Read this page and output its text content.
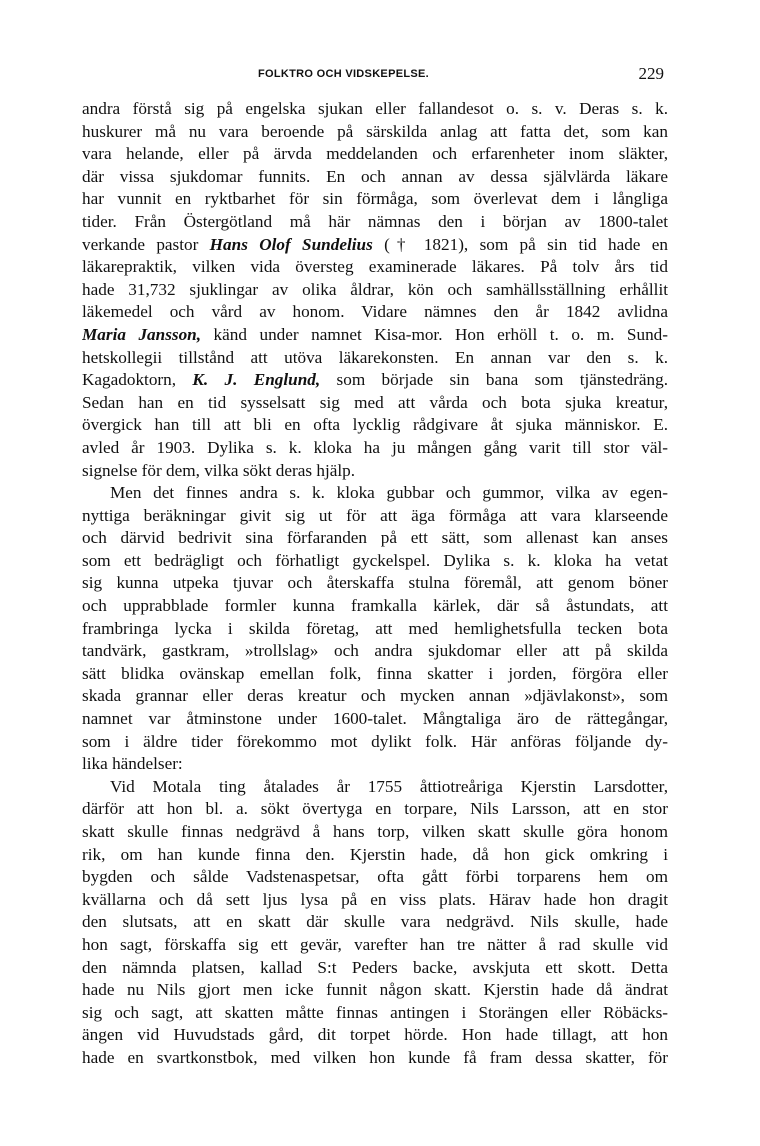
FOLKTRO OCH VIDSKEPELSE.	229
andra förstå sig på engelska sjukan eller fallandesot o. s. v. Deras s. k.
huskurer må nu vara beroende på särskilda anlag att fatta det, som kan
vara helande, eller på ärvda meddelanden och erfarenheter inom släkter,
där vissa sjukdomar funnits. En och annan av dessa självlärda läkare
har vunnit en ryktbarhet för sin förmåga, som överlevat dem i långliga
tider. Från Östergötland må här nämnas den i början av 1800-talet
verkande pastor Hans Olof Sundelius († 1821), som på sin tid hade en
läkarepraktik, vilken vida översteg examinerade läkares. På tolv års tid
hade 31,732 sjuklingar av olika åldrar, kön och samhällsställning erhållit
läkemedel och vård av honom. Vidare nämnes den år 1842 avlidna
Maria Jansson, känd under namnet Kisa-mor. Hon erhöll t. o. m. Sund-
hetskollegii tillstånd att utöva läkarekonsten. En annan var den s. k.
Kagadoktorn, K. J. Englund, som började sin bana som tjänstedräng.
Sedan han en tid sysselsatt sig med att vårda och bota sjuka kreatur,
övergick han till att bli en ofta lycklig rådgivare åt sjuka människor. E.
avled år 1903. Dylika s. k. kloka ha ju mången gång varit till stor väl-
signelse för dem, vilka sökt deras hjälp.
Men det finnes andra s. k. kloka gubbar och gummor, vilka av egen-
nyttiga beräkningar givit sig ut för att äga förmåga att vara klarseende
och därvid bedrivit sina förfaranden på ett sätt, som allenast kan anses
som ett bedrägligt och förhatligt gyckelspel. Dylika s. k. kloka ha vetat
sig kunna utpeka tjuvar och återskaffa stulna föremål, att genom böner
och upprabblade formler kunna framkalla kärlek, där så åstundats, att
frambringa lycka i skilda företag, att med hemlighetsfulla tecken bota
tandvärk, gastkram, »trollslag» och andra sjukdomar eller att på skilda
sätt blidka ovänskap emellan folk, finna skatter i jorden, förgöra eller
skada grannar eller deras kreatur och mycken annan »djävlakonst», som
namnet var åtminstone under 1600-talet. Mångtaliga äro de rättegångar,
som i äldre tider förekommo mot dylikt folk. Här anföras följande dy-
lika händelser:
Vid Motala ting åtalades år 1755 åttiotreåriga Kjerstin Larsdotter,
därför att hon bl. a. sökt övertyga en torpare, Nils Larsson, att en stor
skatt skulle finnas nedgrävd å hans torp, vilken skatt skulle göra honom
rik, om han kunde finna den. Kjerstin hade, då hon gick omkring i
bygden och sålde Vadstenaspetsar, ofta gått förbi torparens hem om
kvällarna och då sett ljus lysa på en viss plats. Härav hade hon dragit
den slutsats, att en skatt där skulle vara nedgrävd. Nils skulle, hade
hon sagt, förskaffa sig ett gevär, varefter han tre nätter å rad skulle vid
den nämnda platsen, kallad S:t Peders backe, avskjuta ett skott. Detta
hade nu Nils gjort men icke funnit någon skatt. Kjerstin hade då ändrat
sig och sagt, att skatten måtte finnas antingen i Storängen eller Röbäcks-
ängen vid Huvudstads gård, dit torpet hörde. Hon hade tillagt, att hon
hade en svartkonstbok, med vilken hon kunde få fram dessa skatter, för
